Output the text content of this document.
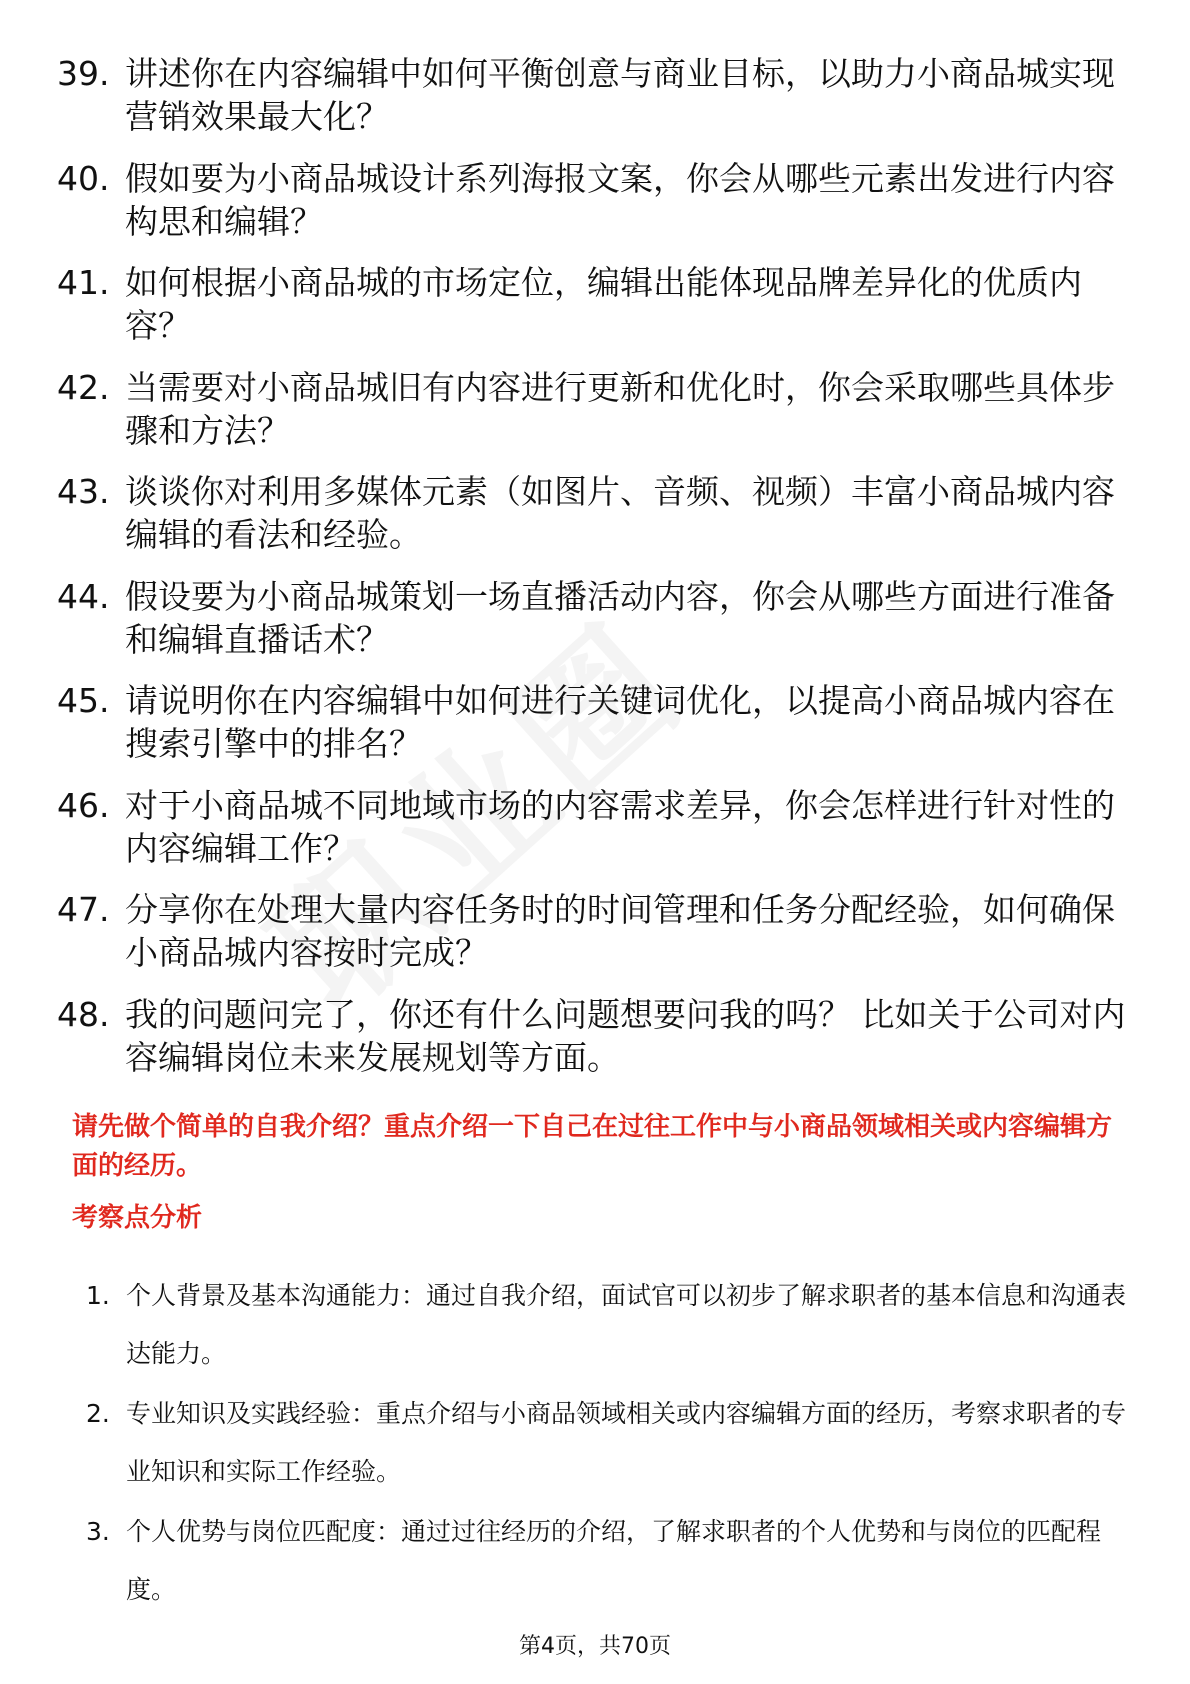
39. 讲述你在内容编辑中如何平衡创意与商业目标，以助力小商品城实现营销效果最大化？
40. 假如要为小商品城设计系列海报文案，你会从哪些元素出发进行内容构思和编辑？
41. 如何根据小商品城的市场定位，编辑出能体现品牌差异化的优质内容？
42. 当需要对小商品城旧有内容进行更新和优化时，你会采取哪些具体步骤和方法？
43. 谈谈你对利用多媒体元素（如图片、音频、视频）丰富小商品城内容编辑的看法和经验。
44. 假设要为小商品城策划一场直播活动内容，你会从哪些方面进行准备和编辑直播话术？
45. 请说明你在内容编辑中如何进行关键词优化，以提高小商品城内容在搜索引擎中的排名？
46. 对于小商品城不同地域市场的内容需求差异，你会怎样进行针对性的内容编辑工作？
47. 分享你在处理大量内容任务时的时间管理和任务分配经验，如何确保小商品城内容按时完成？
48. 我的问题问完了，你还有什么问题想要问我的吗？ 比如关于公司对内容编辑岗位未来发展规划等方面。

请先做个简单的自我介绍？重点介绍一下自己在过往工作中与小商品领域相关或内容编辑方面的经历。

考察点分析

1. 个人背景及基本沟通能力：通过自我介绍，面试官可以初步了解求职者的基本信息和沟通表达能力。
2. 专业知识及实践经验：重点介绍与小商品领域相关或内容编辑方面的经历，考察求职者的专业知识和实际工作经验。
3. 个人优势与岗位匹配度：通过过往经历的介绍，了解求职者的个人优势和与岗位的匹配程度。
第4页，共70页
